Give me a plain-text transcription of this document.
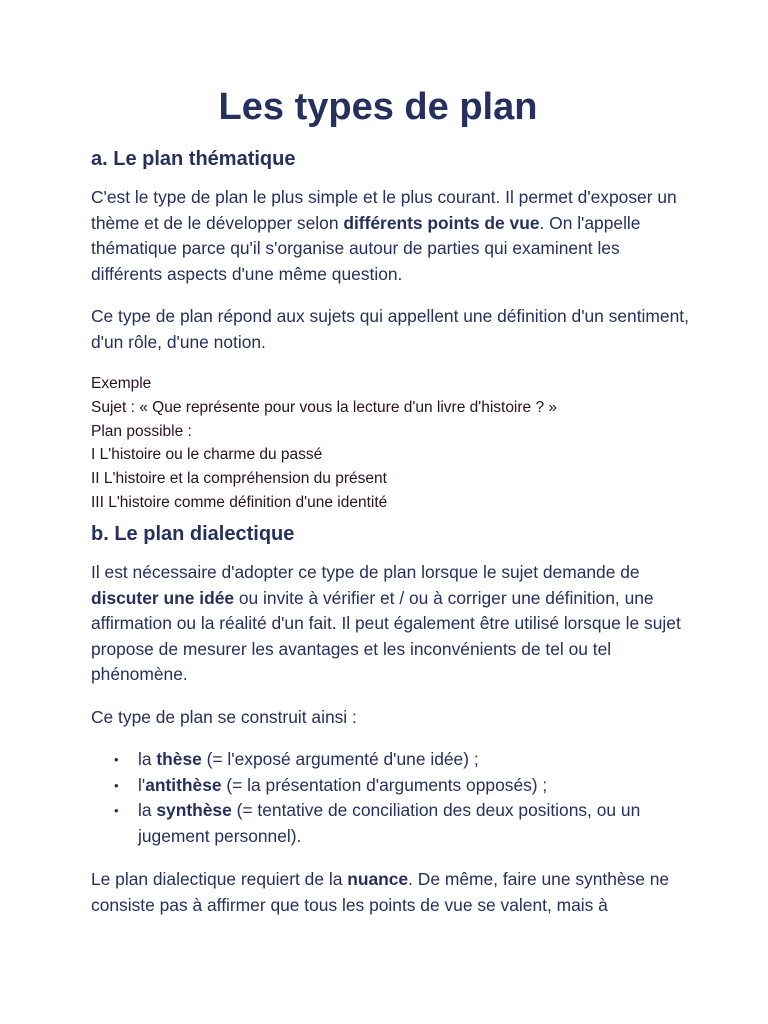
Les types de plan
a. Le plan thématique

C'est le type de plan le plus simple et le plus courant. Il permet d'exposer un thème et de le développer selon différents points de vue. On l'appelle thématique parce qu'il s'organise autour de parties qui examinent les différents aspects d'une même question.

Ce type de plan répond aux sujets qui appellent une définition d'un sentiment, d'un rôle, d'une notion.

Exemple
Sujet : « Que représente pour vous la lecture d'un livre d'histoire ? »
Plan possible :
I L'histoire ou le charme du passé
II L'histoire et la compréhension du présent
III L'histoire comme définition d'une identité
b. Le plan dialectique

Il est nécessaire d'adopter ce type de plan lorsque le sujet demande de discuter une idée ou invite à vérifier et / ou à corriger une définition, une affirmation ou la réalité d'un fait. Il peut également être utilisé lorsque le sujet propose de mesurer les avantages et les inconvénients de tel ou tel phénomène.

Ce type de plan se construit ainsi :

• la thèse (= l'exposé argumenté d'une idée) ;
• l'antithèse (= la présentation d'arguments opposés) ;
• la synthèse (= tentative de conciliation des deux positions, ou un jugement personnel).

Le plan dialectique requiert de la nuance. De même, faire une synthèse ne consiste pas à affirmer que tous les points de vue se valent, mais à
